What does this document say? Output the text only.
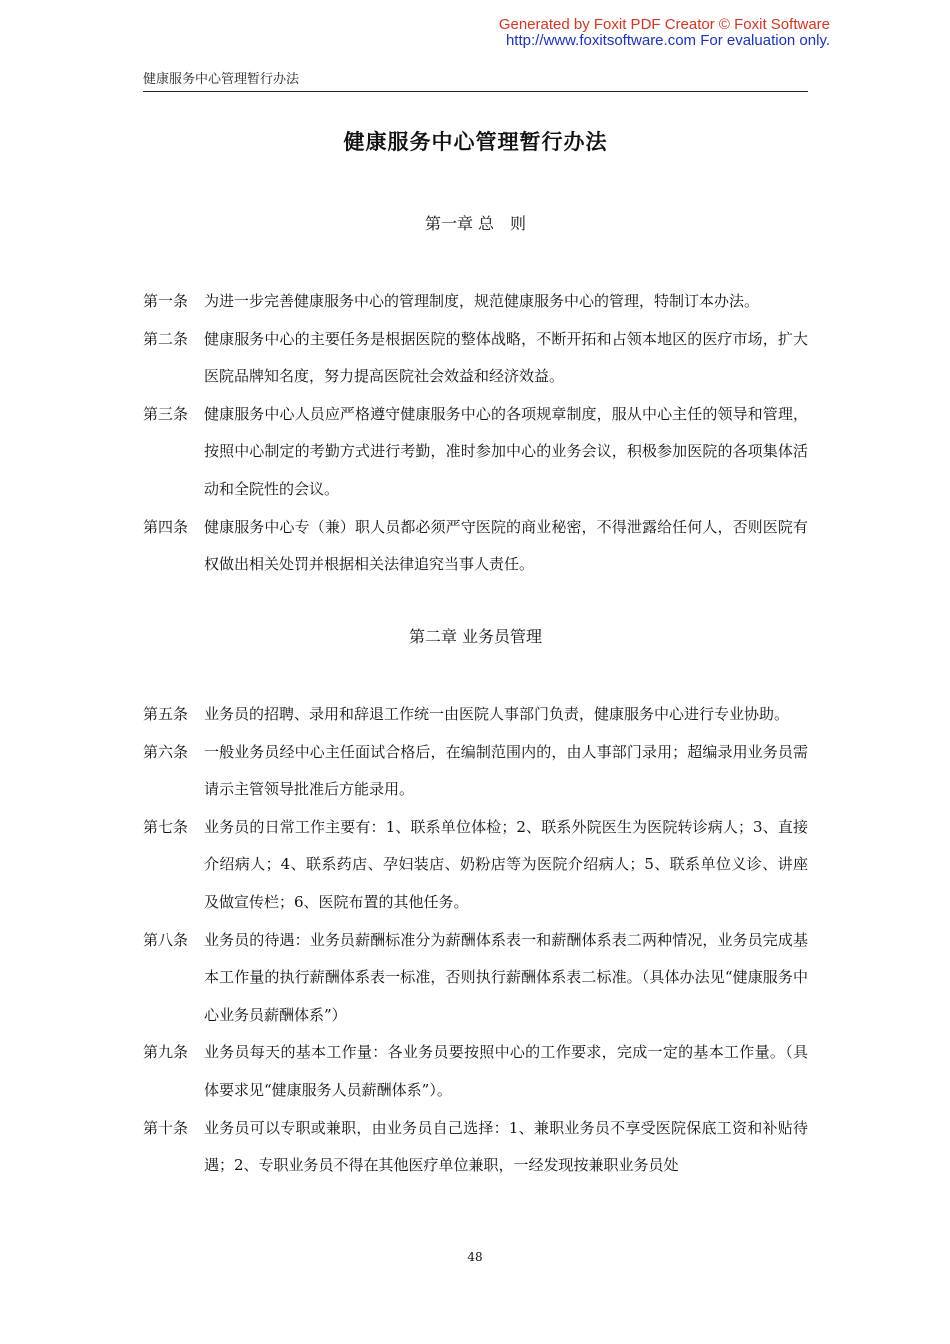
Generated by Foxit PDF Creator © Foxit Software
http://www.foxitsoftware.com For evaluation only.
健康服务中心管理暂行办法
健康服务中心管理暂行办法
第一章 总　则
第一条	为进一步完善健康服务中心的管理制度，规范健康服务中心的管理，特制订本办法。
第二条	健康服务中心的主要任务是根据医院的整体战略，不断开拓和占领本地区的医疗市场，扩大医院品牌知名度，努力提高医院社会效益和经济效益。
第三条	健康服务中心人员应严格遵守健康服务中心的各项规章制度，服从中心主任的领导和管理，按照中心制定的考勤方式进行考勤，准时参加中心的业务会议，积极参加医院的各项集体活动和全院性的会议。
第四条	健康服务中心专（兼）职人员都必须严守医院的商业秘密，不得泄露给任何人，否则医院有权做出相关处罚并根据相关法律追究当事人责任。
第二章 业务员管理
第五条	业务员的招聘、录用和辞退工作统一由医院人事部门负责，健康服务中心进行专业协助。
第六条	一般业务员经中心主任面试合格后，在编制范围内的，由人事部门录用；超编录用业务员需请示主管领导批准后方能录用。
第七条	业务员的日常工作主要有：1、联系单位体检；2、联系外院医生为医院转诊病人；3、直接介绍病人；4、联系药店、孕妇装店、奶粉店等为医院介绍病人；5、联系单位义诊、讲座及做宣传栏；6、医院布置的其他任务。
第八条	业务员的待遇：业务员薪酬标准分为薪酬体系表一和薪酬体系表二两种情况，业务员完成基本工作量的执行薪酬体系表一标准，否则执行薪酬体系表二标准。（具体办法见“健康服务中心业务员薪酬体系”）
第九条	业务员每天的基本工作量：各业务员要按照中心的工作要求，完成一定的基本工作量。（具体要求见“健康服务人员薪酬体系”）。
第十条	业务员可以专职或兼职，由业务员自己选择：1、兼职业务员不享受医院保底工资和补贴待遇；2、专职业务员不得在其他医疗单位兼职，一经发现按兼职业务员处
48
